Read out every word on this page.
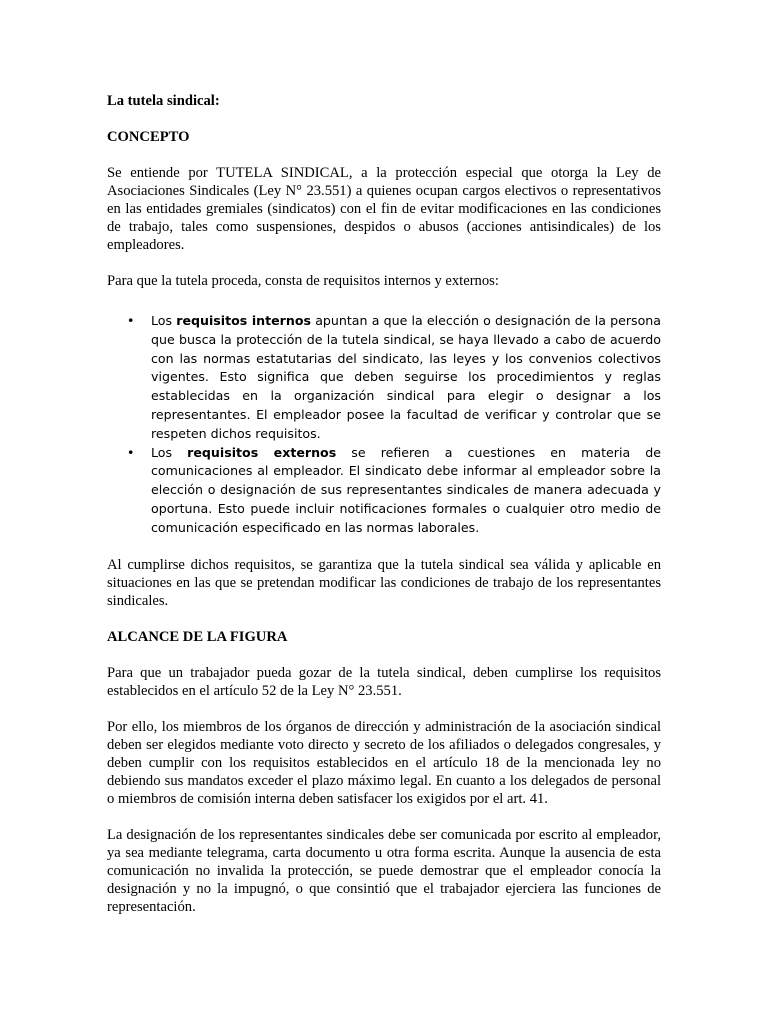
La tutela sindical:
CONCEPTO

Se entiende por TUTELA SINDICAL, a la protección especial que otorga la Ley de Asociaciones Sindicales (Ley N° 23.551) a quienes ocupan cargos electivos o representativos en las entidades gremiales (sindicatos) con el fin de evitar modificaciones en las condiciones de trabajo, tales como suspensiones, despidos o abusos (acciones antisindicales) de los empleadores.

Para que la tutela proceda, consta de requisitos internos y externos:

• Los requisitos internos apuntan a que la elección o designación de la persona que busca la protección de la tutela sindical, se haya llevado a cabo de acuerdo con las normas estatutarias del sindicato, las leyes y los convenios colectivos vigentes. Esto significa que deben seguirse los procedimientos y reglas establecidas en la organización sindical para elegir o designar a los representantes. El empleador posee la facultad de verificar y controlar que se respeten dichos requisitos.
• Los requisitos externos se refieren a cuestiones en materia de comunicaciones al empleador. El sindicato debe informar al empleador sobre la elección o designación de sus representantes sindicales de manera adecuada y oportuna. Esto puede incluir notificaciones formales o cualquier otro medio de comunicación especificado en las normas laborales.

Al cumplirse dichos requisitos, se garantiza que la tutela sindical sea válida y aplicable en situaciones en las que se pretendan modificar las condiciones de trabajo de los representantes sindicales.

ALCANCE DE LA FIGURA

Para que un trabajador pueda gozar de la tutela sindical, deben cumplirse los requisitos establecidos en el artículo 52 de la Ley N° 23.551.

Por ello, los miembros de los órganos de dirección y administración de la asociación sindical deben ser elegidos mediante voto directo y secreto de los afiliados o delegados congresales, y deben cumplir con los requisitos establecidos en el artículo 18 de la mencionada ley no debiendo sus mandatos exceder el plazo máximo legal. En cuanto a los delegados de personal o miembros de comisión interna deben satisfacer los exigidos por el art. 41.

La designación de los representantes sindicales debe ser comunicada por escrito al empleador, ya sea mediante telegrama, carta documento u otra forma escrita. Aunque la ausencia de esta comunicación no invalida la protección, se puede demostrar que el empleador conocía la designación y no la impugnó, o que consintió que el trabajador ejerciera las funciones de representación.
